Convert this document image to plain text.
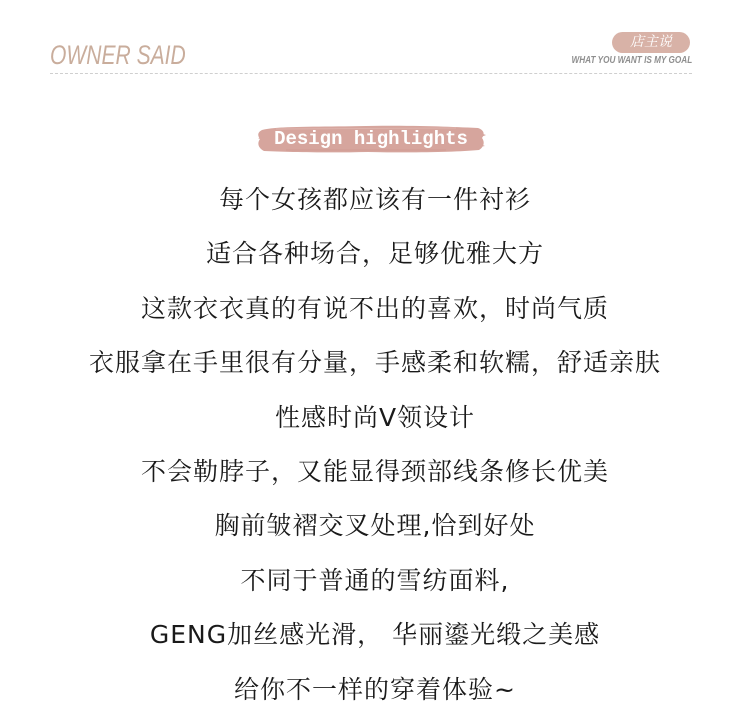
OWNER SAID	店主说
WHAT YOU WANT IS MY GOAL
Design highlights

每个女孩都应该有一件衬衫

适合各种场合，足够优雅大方

这款衣衣真的有说不出的喜欢，时尚气质

衣服拿在手里很有分量，手感柔和软糯，舒适亲肤

性感时尚V领设计

不会勒脖子，又能显得颈部线条修长优美

胸前皱褶交叉处理,恰到好处

不同于普通的雪纺面料,

GENG加丝感光滑， 华丽鎏光缎之美感

给你不一样的穿着体验~
